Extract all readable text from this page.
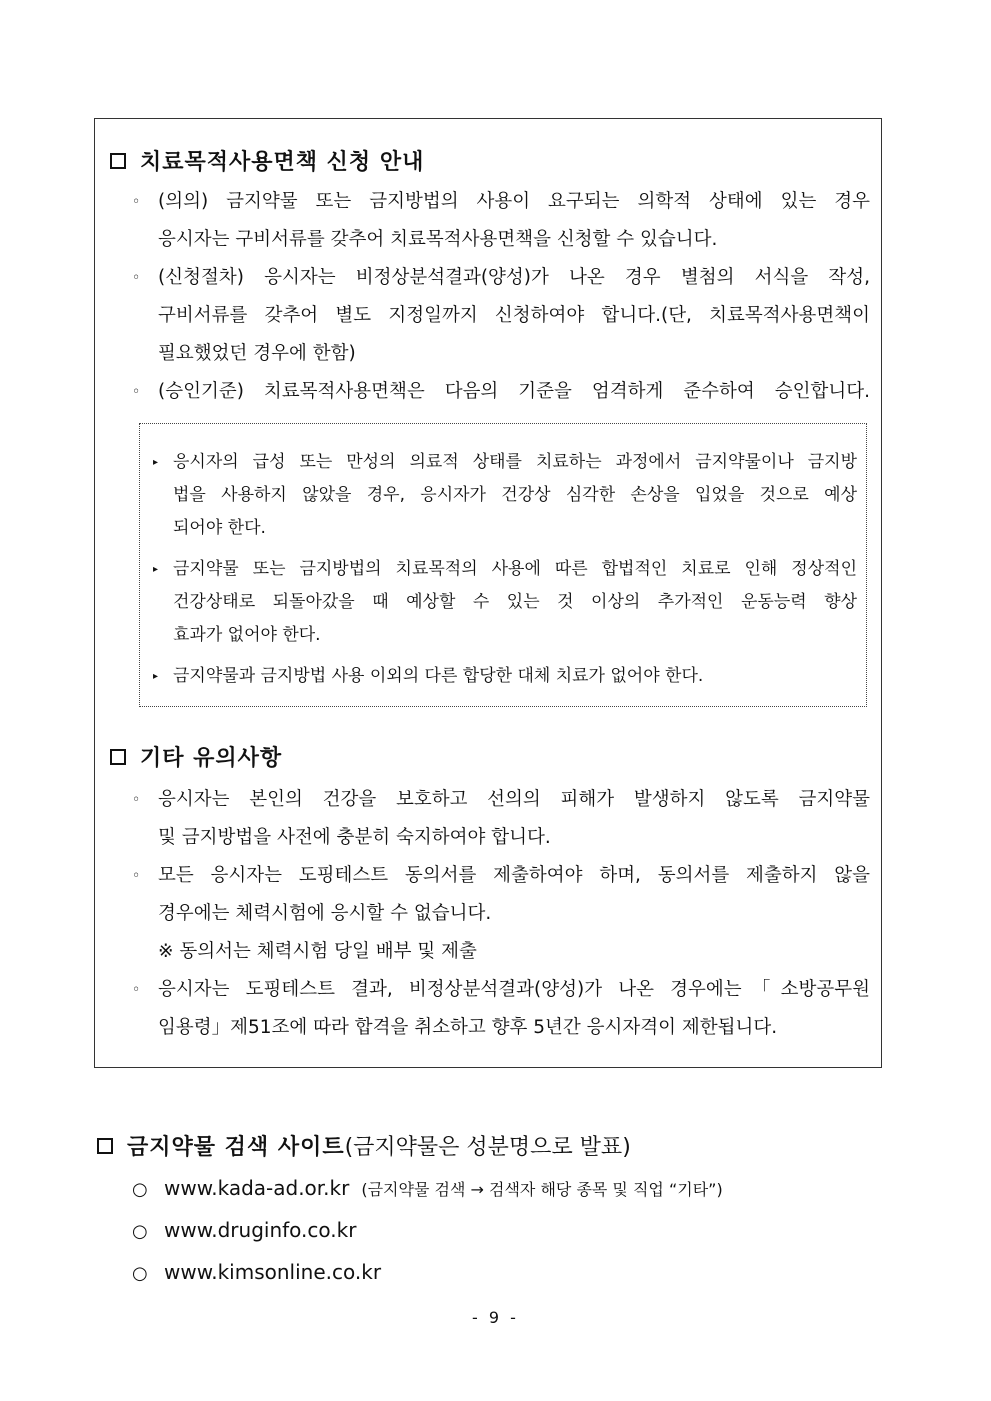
치료목적사용면책 신청 안내
◦ (의의) 금지약물 또는 금지방법의 사용이 요구되는 의학적 상태에 있는 경우
응시자는 구비서류를 갖추어 치료목적사용면책을 신청할 수 있습니다.
◦ (신청절차) 응시자는 비정상분석결과(양성)가 나온 경우 별첨의 서식을 작성,
구비서류를 갖추어 별도 지정일까지 신청하여야 합니다.(단, 치료목적사용면책이
필요했었던 경우에 한함)
◦ (승인기준) 치료목적사용면책은 다음의 기준을 엄격하게 준수하여 승인합니다.
▸ 응시자의 급성 또는 만성의 의료적 상태를 치료하는 과정에서 금지약물이나 금지방
법을 사용하지 않았을 경우, 응시자가 건강상 심각한 손상을 입었을 것으로 예상
되어야 한다.
▸ 금지약물 또는 금지방법의 치료목적의 사용에 따른 합법적인 치료로 인해 정상적인
건강상태로 되돌아갔을 때 예상할 수 있는 것 이상의 추가적인 운동능력 향상
효과가 없어야 한다.
▸ 금지약물과 금지방법 사용 이외의 다른 합당한 대체 치료가 없어야 한다.
기타 유의사항
◦ 응시자는 본인의 건강을 보호하고 선의의 피해가 발생하지 않도록 금지약물
및 금지방법을 사전에 충분히 숙지하여야 합니다.
◦ 모든 응시자는 도핑테스트 동의서를 제출하여야 하며, 동의서를 제출하지 않을
경우에는 체력시험에 응시할 수 없습니다.
※ 동의서는 체력시험 당일 배부 및 제출
◦ 응시자는 도핑테스트 결과, 비정상분석결과(양성)가 나온 경우에는「소방공무원
임용령」제51조에 따라 합격을 취소하고 향후 5년간 응시자격이 제한됩니다.
금지약물 검색 사이트 (금지약물은 성분명으로 발표)
○ www.kada-ad.or.kr (금지약물 검색 → 검색자 해당 종목 및 직업 “기타”)
○ www.druginfo.co.kr
○ www.kimsonline.co.kr
- 9 -
